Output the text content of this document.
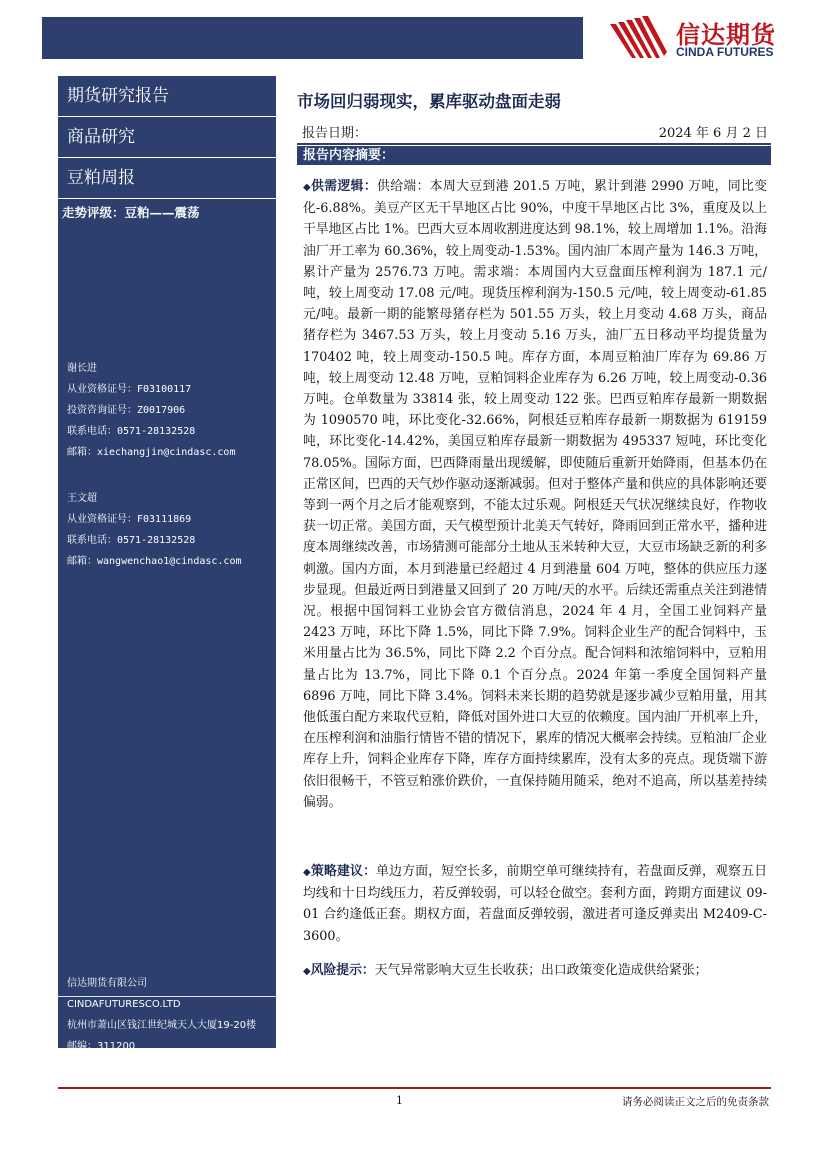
信达期货
CINDA FUTURES
期货研究报告
商品研究
豆粕周报
走势评级：豆粕——震荡
谢长进
从业资格证号：F03100117
投资咨询证号：Z0017906
联系电话：0571-28132528
邮箱：xiechangjin@cindasc.com
王文超
从业资格证号：F03111869
联系电话：0571-28132528
邮箱：wangwenchao1@cindasc.com
信达期货有限公司
CINDAFUTURESCO.LTD
杭州市萧山区钱江世纪城天人大厦19-20楼
邮编：311200
市场回归弱现实，累库驱动盘面走弱
报告日期：	2024 年 6 月 2 日
报告内容摘要：
◆供需逻辑：供给端：本周大豆到港 201.5 万吨，累计到港 2990 万吨，同比变化-6.88%。美豆产区无干旱地区占比 90%，中度干旱地区占比 3%，重度及以上干旱地区占比 1%。巴西大豆本周收割进度达到 98.1%，较上周增加 1.1%。沿海油厂开工率为 60.36%，较上周变动-1.53%。国内油厂本周产量为 146.3 万吨，累计产量为 2576.73 万吨。需求端：本周国内大豆盘面压榨利润为 187.1 元/吨，较上周变动 17.08 元/吨。现货压榨利润为-150.5 元/吨，较上周变动-61.85 元/吨。最新一期的能繁母猪存栏为 501.55 万头，较上月变动 4.68 万头，商品猪存栏为 3467.53 万头，较上月变动 5.16 万头，油厂五日移动平均提货量为 170402 吨，较上周变动-150.5 吨。库存方面，本周豆粕油厂库存为 69.86 万吨，较上周变动 12.48 万吨，豆粕饲料企业库存为 6.26 万吨，较上周变动-0.36 万吨。仓单数量为 33814 张，较上周变动 122 张。巴西豆粕库存最新一期数据为 1090570 吨，环比变化-32.66%，阿根廷豆粕库存最新一期数据为 619159 吨，环比变化-14.42%，美国豆粕库存最新一期数据为 495337 短吨，环比变化 78.05%。国际方面，巴西降雨量出现缓解，即使随后重新开始降雨，但基本仍在正常区间，巴西的天气炒作驱动逐渐减弱。但对于整体产量和供应的具体影响还要等到一两个月之后才能观察到，不能太过乐观。阿根廷天气状况继续良好，作物收获一切正常。美国方面，天气模型预计北美天气转好，降雨回到正常水平，播种进度本周继续改善，市场猜测可能部分土地从玉米转种大豆，大豆市场缺乏新的利多刺激。国内方面，本月到港量已经超过 4 月到港量 604 万吨，整体的供应压力逐步显现。但最近两日到港量又回到了 20 万吨/天的水平。后续还需重点关注到港情况。根据中国饲料工业协会官方微信消息，2024 年 4 月，全国工业饲料产量 2423 万吨，环比下降 1.5%，同比下降 7.9%。饲料企业生产的配合饲料中，玉米用量占比为 36.5%，同比下降 2.2 个百分点。配合饲料和浓缩饲料中，豆粕用量占比为 13.7%，同比下降 0.1 个百分点。2024 年第一季度全国饲料产量 6896 万吨，同比下降 3.4%。饲料未来长期的趋势就是逐步减少豆粕用量，用其他低蛋白配方来取代豆粕，降低对国外进口大豆的依赖度。国内油厂开机率上升，在压榨利润和油脂行情皆不错的情况下，累库的情况大概率会持续。豆粕油厂企业库存上升，饲料企业库存下降，库存方面持续累库，没有太多的亮点。现货端下游依旧很畅干，不管豆粕涨价跌价，一直保持随用随采，绝对不追高，所以基差持续偏弱。
◆策略建议：单边方面，短空长多，前期空单可继续持有，若盘面反弹，观察五日均线和十日均线压力，若反弹较弱，可以轻仓做空。套利方面，跨期方面建议 09-01 合约逢低正套。期权方面，若盘面反弹较弱，激进者可逢反弹卖出 M2409-C-3600。
◆风险提示：天气异常影响大豆生长收获；出口政策变化造成供给紧张；
1	请务必阅读正文之后的免责条款
